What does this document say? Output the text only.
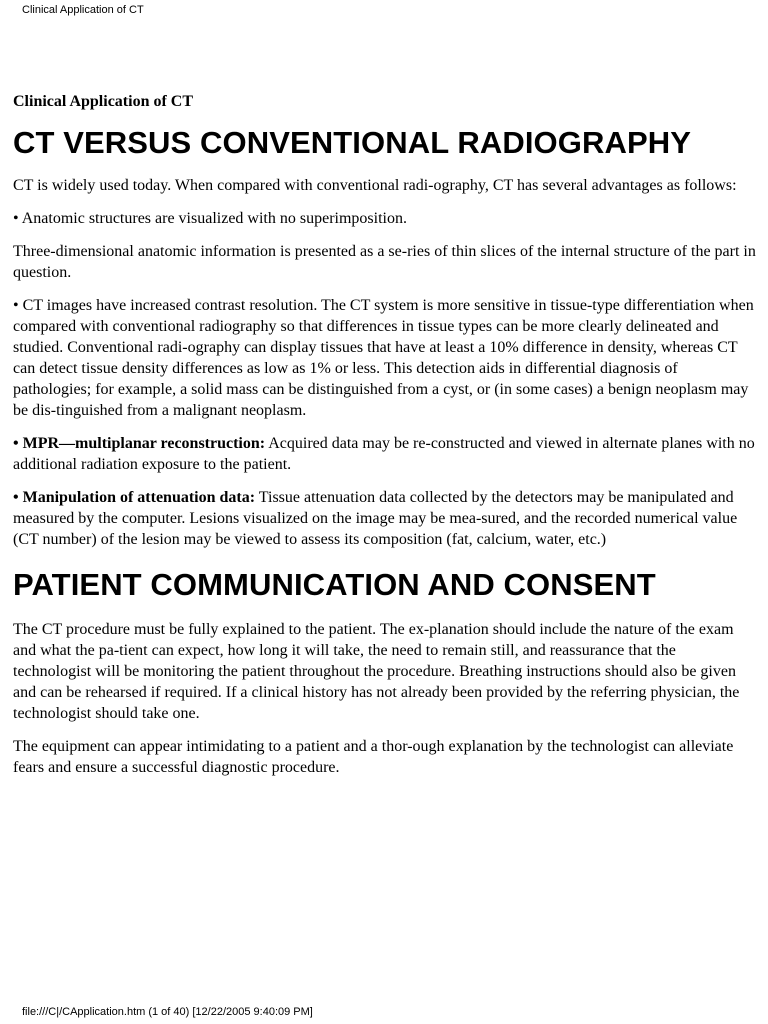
Clinical Application of CT

Clinical Application of CT

CT VERSUS CONVENTIONAL RADIOGRAPHY

CT is widely used today. When compared with conventional radi-ography, CT has several advantages as follows:

• Anatomic structures are visualized with no superimposition.

Three-dimensional anatomic information is presented as a se-ries of thin slices of the internal structure of the part in question.

• CT images have increased contrast resolution. The CT system is more sensitive in tissue-type differentiation when compared with conventional radiography so that differences in tissue types can be more clearly delineated and studied. Conventional radi-ography can display tissues that have at least a 10% difference in density, whereas CT can detect tissue density differences as low as 1% or less. This detection aids in differential diagnosis of pathologies; for example, a solid mass can be distinguished from a cyst, or (in some cases) a benign neoplasm may be dis-tinguished from a malignant neoplasm.

• MPR—multiplanar reconstruction: Acquired data may be re-constructed and viewed in alternate planes with no additional radiation exposure to the patient.

• Manipulation of attenuation data: Tissue attenuation data collected by the detectors may be manipulated and measured by the computer. Lesions visualized on the image may be mea-sured, and the recorded numerical value (CT number) of the lesion may be viewed to assess its composition (fat, calcium, water, etc.)

PATIENT COMMUNICATION AND CONSENT

The CT procedure must be fully explained to the patient. The ex-planation should include the nature of the exam and what the pa-tient can expect, how long it will take, the need to remain still, and reassurance that the technologist will be monitoring the patient throughout the procedure. Breathing instructions should also be given and can be rehearsed if required. If a clinical history has not already been provided by the referring physician, the technologist should take one.

The equipment can appear intimidating to a patient and a thor-ough explanation by the technologist can alleviate fears and ensure a successful diagnostic procedure.

file:///C|/CApplication.htm (1 of 40) [12/22/2005 9:40:09 PM]
